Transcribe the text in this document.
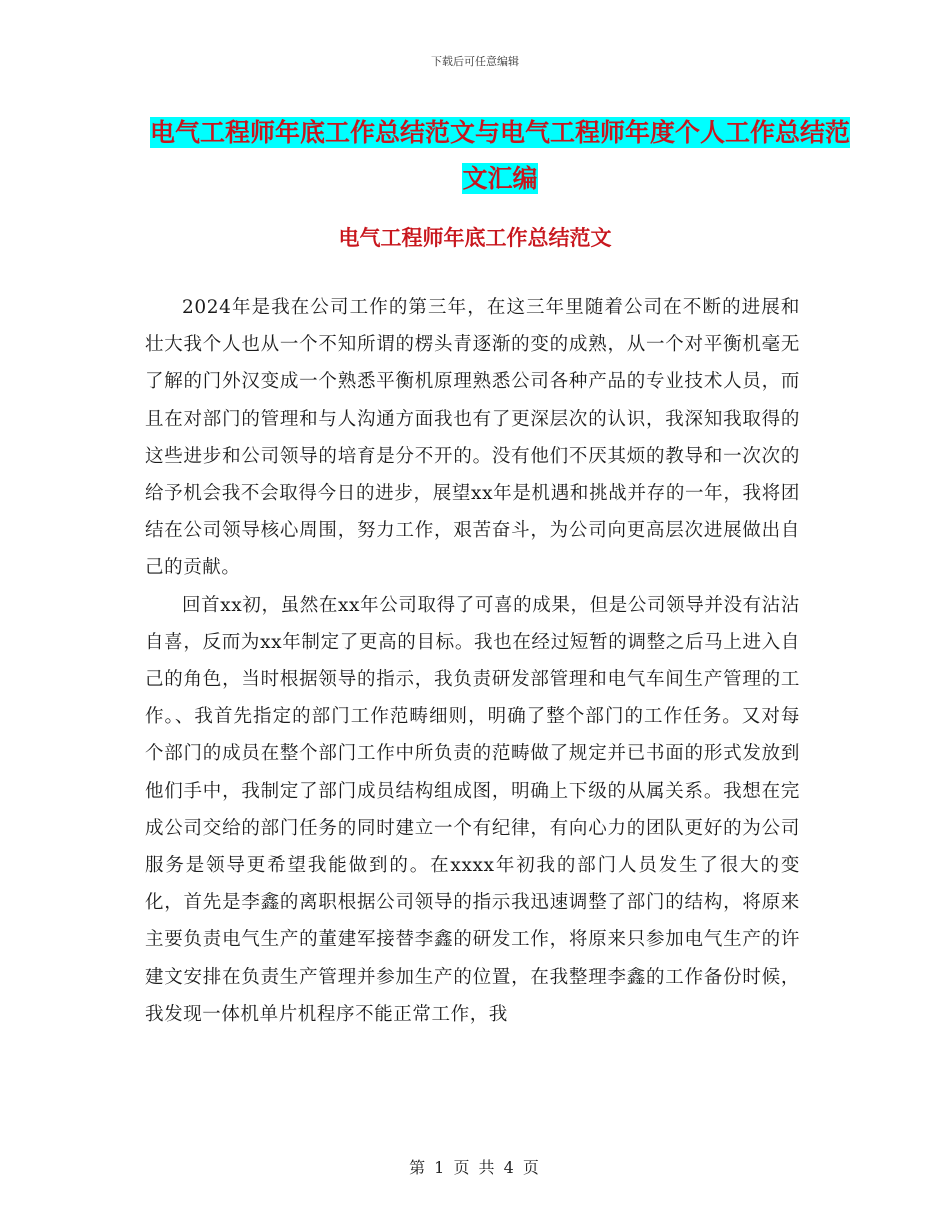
下载后可任意编辑
电气工程师年底工作总结范文与电气工程师年度个人工作总结范文汇编
电气工程师年底工作总结范文

2024年是我在公司工作的第三年，在这三年里随着公司在不断的进展和壮大我个人也从一个不知所谓的楞头青逐渐的变的成熟，从一个对平衡机毫无了解的门外汉变成一个熟悉平衡机原理熟悉公司各种产品的专业技术人员，而且在对部门的管理和与人沟通方面我也有了更深层次的认识，我深知我取得的这些进步和公司领导的培育是分不开的。没有他们不厌其烦的教导和一次次的给予机会我不会取得今日的进步，展望xx年是机遇和挑战并存的一年，我将团结在公司领导核心周围，努力工作，艰苦奋斗，为公司向更高层次进展做出自己的贡献。

回首xx初，虽然在xx年公司取得了可喜的成果，但是公司领导并没有沾沾自喜，反而为xx年制定了更高的目标。我也在经过短暂的调整之后马上进入自己的角色，当时根据领导的指示，我负责研发部管理和电气车间生产管理的工作。、我首先指定的部门工作范畴细则，明确了整个部门的工作任务。又对每个部门的成员在整个部门工作中所负责的范畴做了规定并已书面的形式发放到他们手中，我制定了部门成员结构组成图，明确上下级的从属关系。我想在完成公司交给的部门任务的同时建立一个有纪律，有向心力的团队更好的为公司服务是领导更希望我能做到的。在xxxx年初我的部门人员发生了很大的变化，首先是李鑫的离职根据公司领导的指示我迅速调整了部门的结构，将原来主要负责电气生产的董建军接替李鑫的研发工作，将原来只参加电气生产的许建文安排在负责生产管理并参加生产的位置，在我整理李鑫的工作备份时候，我发现一体机单片机程序不能正常工作，我

第 1 页 共 4 页
